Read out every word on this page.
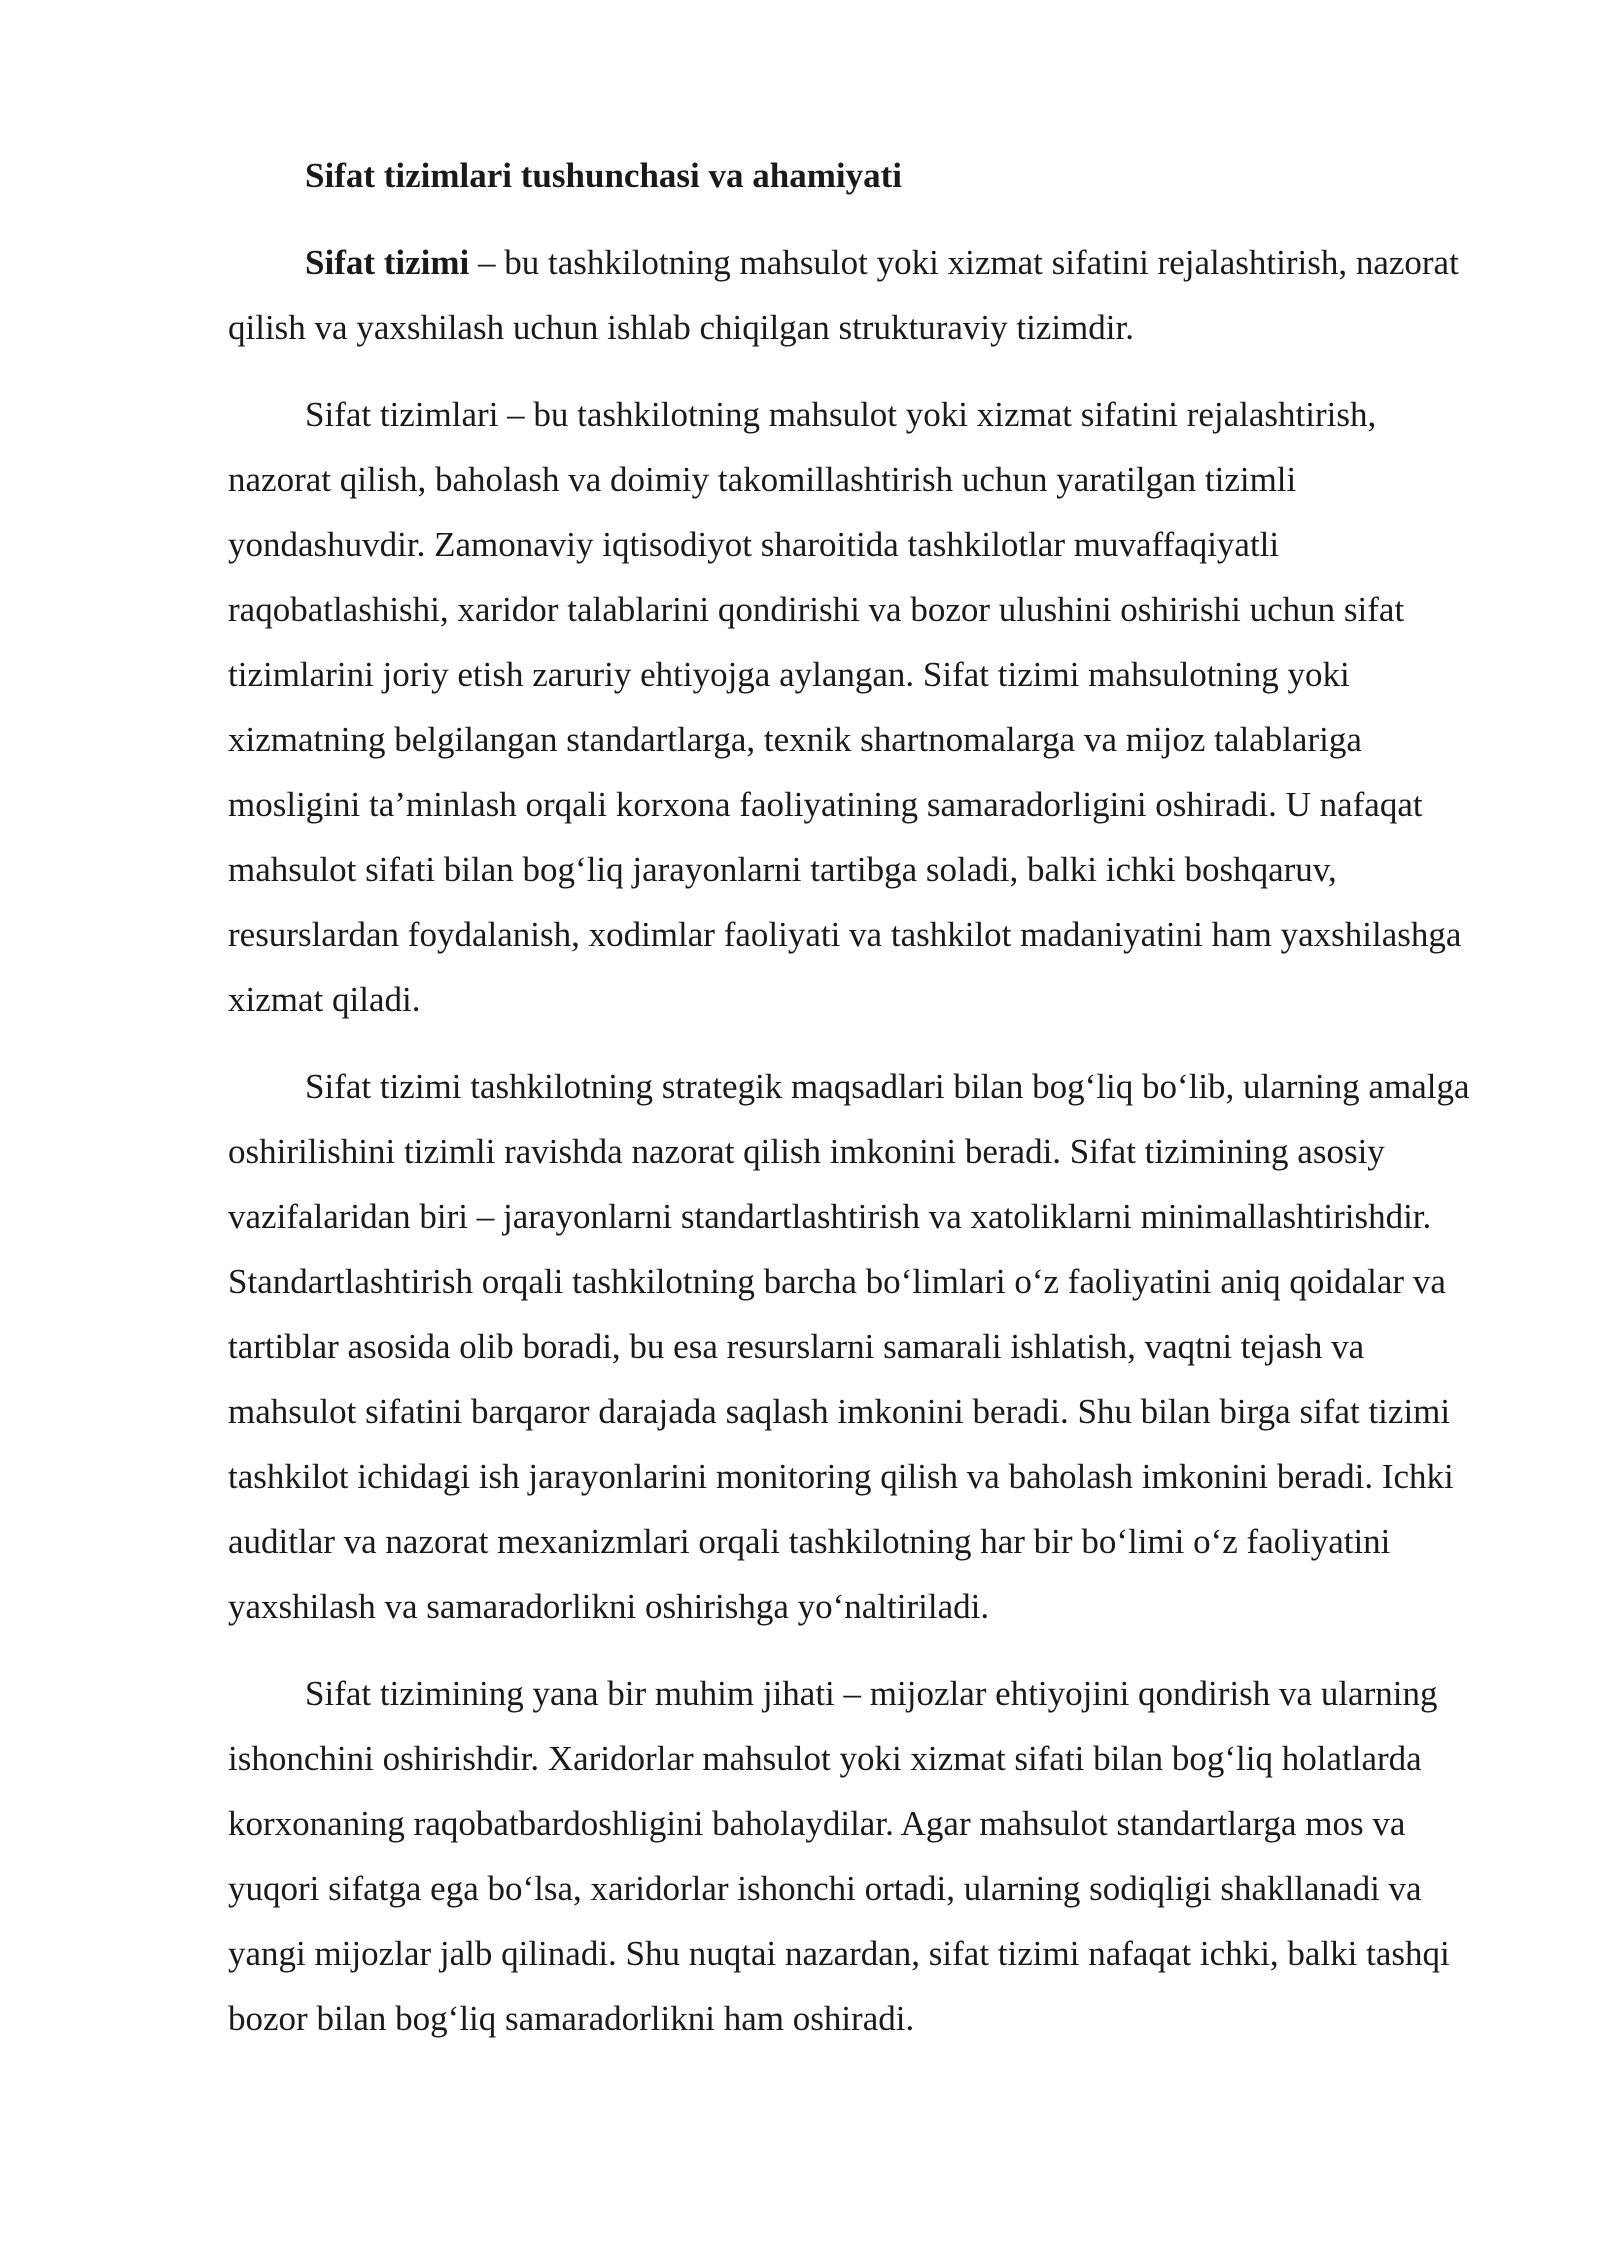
Sifat tizimlari tushunchasi va ahamiyati

Sifat tizimi – bu tashkilotning mahsulot yoki xizmat sifatini rejalashtirish, nazorat qilish va yaxshilash uchun ishlab chiqilgan strukturaviy tizimdir.

Sifat tizimlari – bu tashkilotning mahsulot yoki xizmat sifatini rejalashtirish, nazorat qilish, baholash va doimiy takomillashtirish uchun yaratilgan tizimli yondashuvdir. Zamonaviy iqtisodiyot sharoitida tashkilotlar muvaffaqiyatli raqobatlashishi, xaridor talablarini qondirishi va bozor ulushini oshirishi uchun sifat tizimlarini joriy etish zaruriy ehtiyojga aylangan. Sifat tizimi mahsulotning yoki xizmatning belgilangan standartlarga, texnik shartnomalarga va mijoz talablariga mosligini ta’minlash orqali korxona faoliyatining samaradorligini oshiradi. U nafaqat mahsulot sifati bilan bog‘liq jarayonlarni tartibga soladi, balki ichki boshqaruv, resurslardan foydalanish, xodimlar faoliyati va tashkilot madaniyatini ham yaxshilashga xizmat qiladi.

Sifat tizimi tashkilotning strategik maqsadlari bilan bog‘liq bo‘lib, ularning amalga oshirilishini tizimli ravishda nazorat qilish imkonini beradi. Sifat tizimining asosiy vazifalaridan biri – jarayonlarni standartlashtirish va xatoliklarni minimallashtirishdir. Standartlashtirish orqali tashkilotning barcha bo‘limlari o‘z faoliyatini aniq qoidalar va tartiblar asosida olib boradi, bu esa resurslarni samarali ishlatish, vaqtni tejash va mahsulot sifatini barqaror darajada saqlash imkonini beradi. Shu bilan birga sifat tizimi tashkilot ichidagi ish jarayonlarini monitoring qilish va baholash imkonini beradi. Ichki auditlar va nazorat mexanizmlari orqali tashkilotning har bir bo‘limi o‘z faoliyatini yaxshilash va samaradorlikni oshirishga yo‘naltiriladi.

Sifat tizimining yana bir muhim jihati – mijozlar ehtiyojini qondirish va ularning ishonchini oshirishdir. Xaridorlar mahsulot yoki xizmat sifati bilan bog‘liq holatlarda korxonaning raqobatbardoshligini baholaydilar. Agar mahsulot standartlarga mos va yuqori sifatga ega bo‘lsa, xaridorlar ishonchi ortadi, ularning sodiqligi shakllanadi va yangi mijozlar jalb qilinadi. Shu nuqtai nazardan, sifat tizimi nafaqat ichki, balki tashqi bozor bilan bog‘liq samaradorlikni ham oshiradi.
